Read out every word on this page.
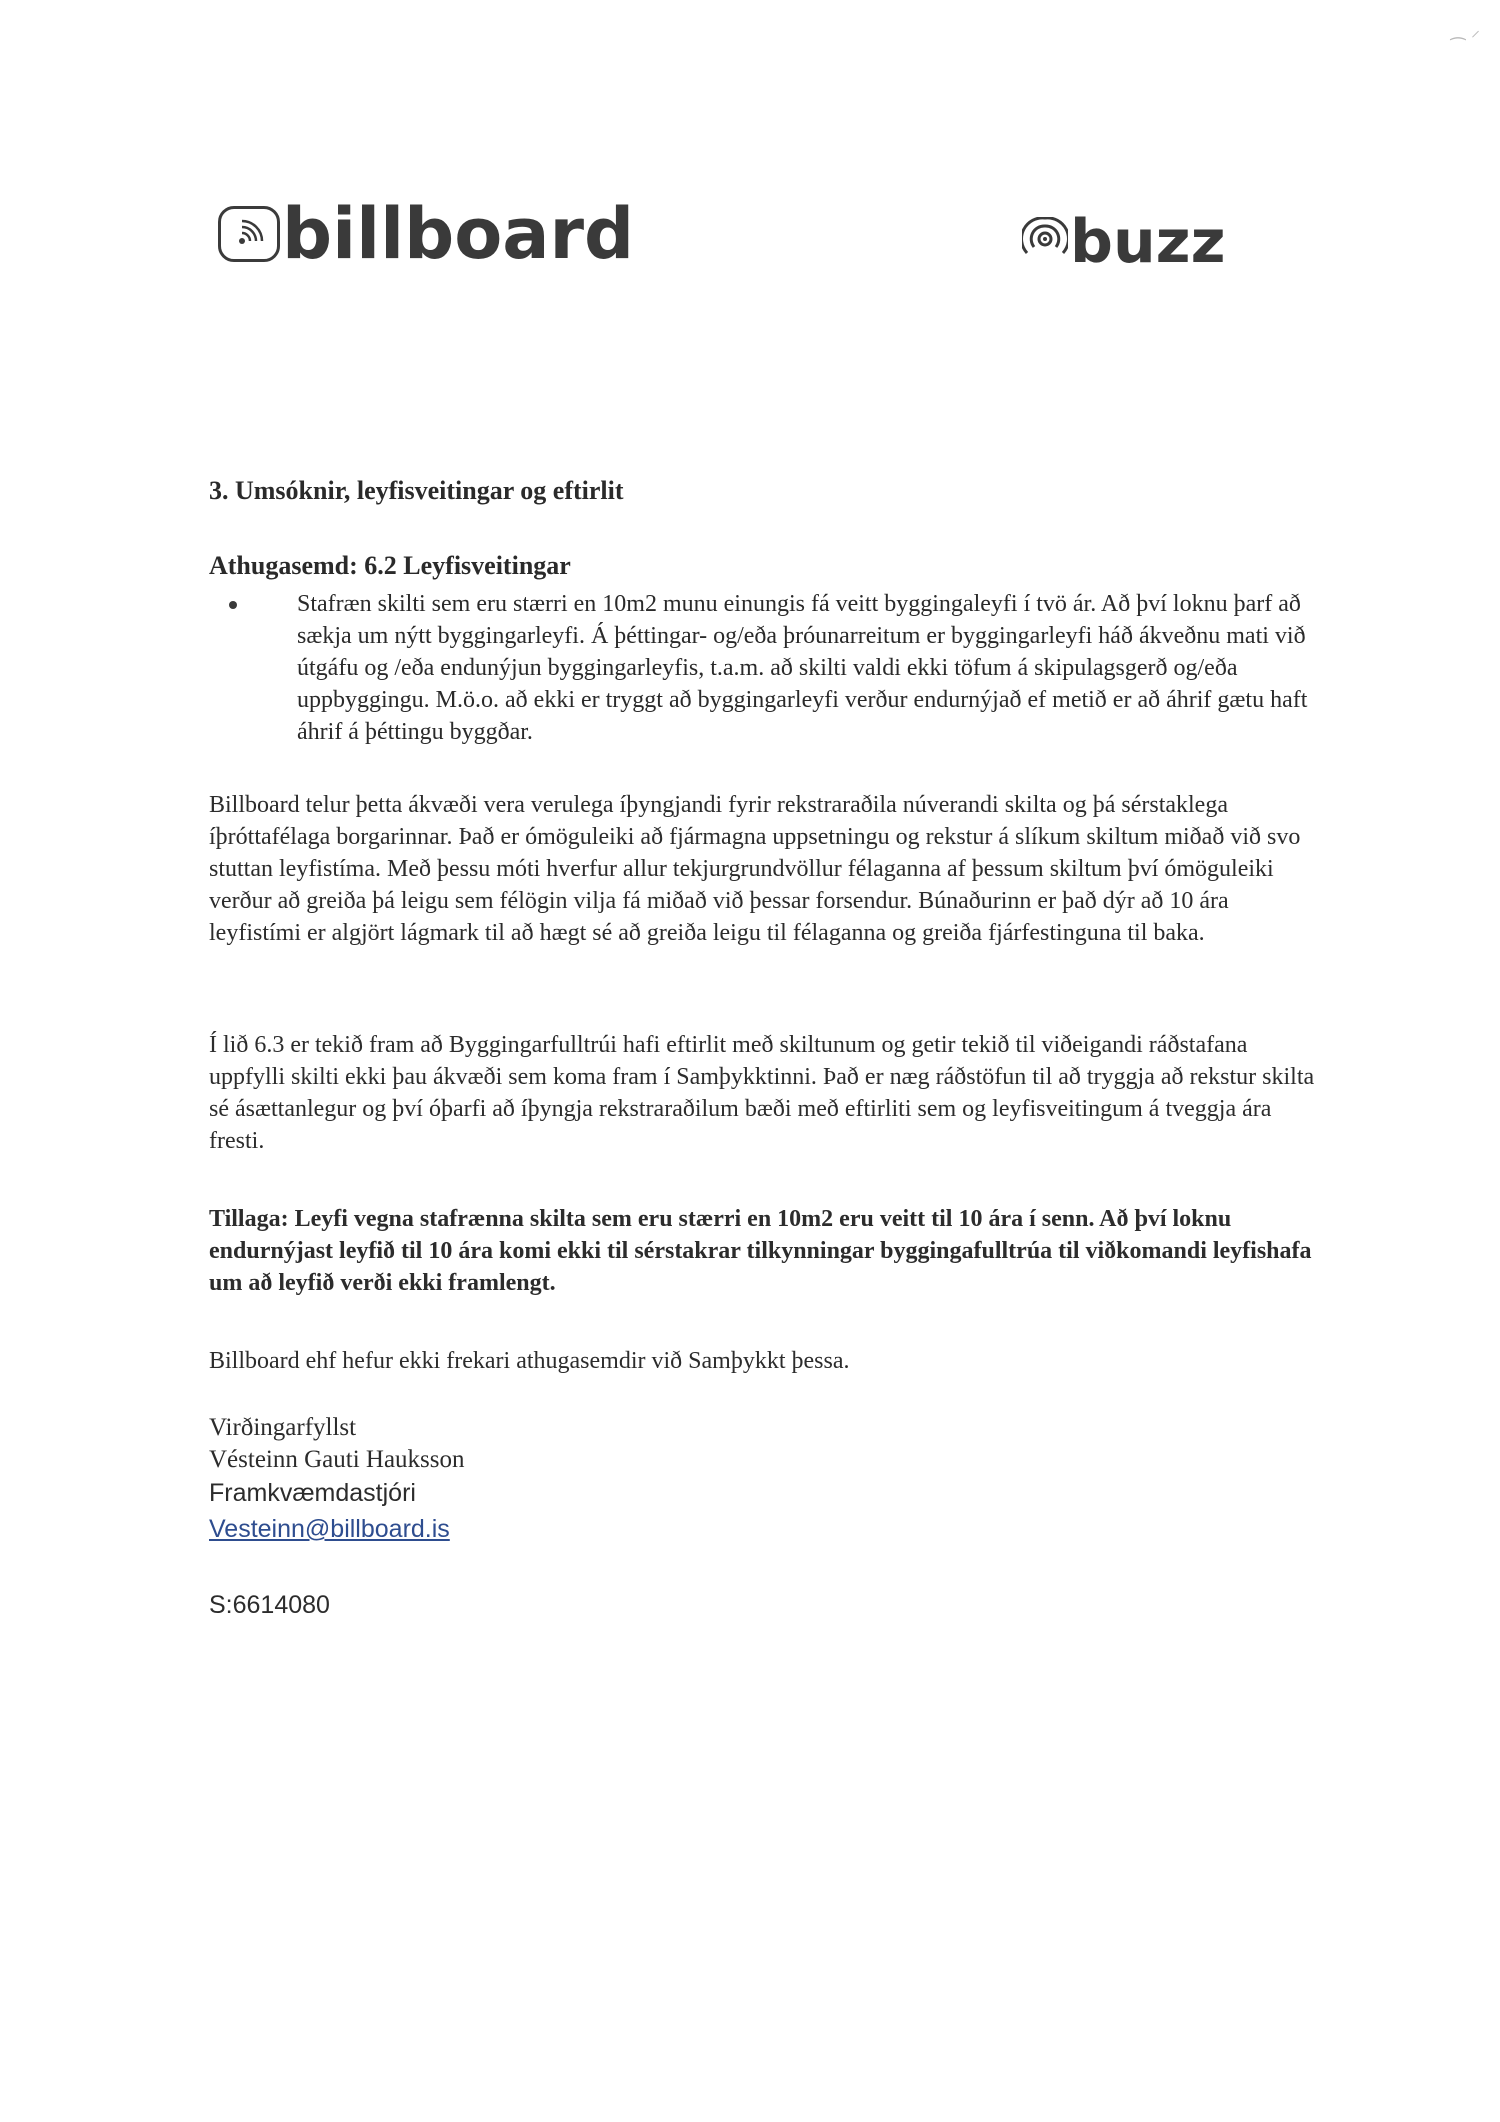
⁔ ⸝
billboard	buzz
3. Umsóknir, leyfisveitingar og eftirlit
Athugasemd: 6.2 Leyfisveitingar
Stafræn skilti sem eru stærri en 10m2 munu einungis fá veitt byggingaleyfi í tvö ár. Að því loknu þarf að sækja um nýtt byggingarleyfi. Á þéttingar- og/eða þróunarreitum er byggingarleyfi háð ákveðnu mati við útgáfu og /eða endunýjun byggingarleyfis, t.a.m. að skilti valdi ekki töfum á skipulagsgerð og/eða uppbyggingu. M.ö.o. að ekki er tryggt að byggingarleyfi verður endurnýjað ef metið er að áhrif gætu haft áhrif á þéttingu byggðar.
Billboard telur þetta ákvæði vera verulega íþyngjandi fyrir rekstraraðila núverandi skilta og þá sérstaklega íþróttafélaga borgarinnar. Það er ómöguleiki að fjármagna uppsetningu og rekstur á slíkum skiltum miðað við svo stuttan leyfistíma. Með þessu móti hverfur allur tekjurgrundvöllur félaganna af þessum skiltum því ómöguleiki verður að greiða þá leigu sem félögin vilja fá miðað við þessar forsendur. Búnaðurinn er það dýr að 10 ára leyfistími er algjört lágmark til að hægt sé að greiða leigu til félaganna og greiða fjárfestinguna til baka.
Í lið 6.3 er tekið fram að Byggingarfulltrúi hafi eftirlit með skiltunum og getir tekið til viðeigandi ráðstafana uppfylli skilti ekki þau ákvæði sem koma fram í Samþykktinni. Það er næg ráðstöfun til að tryggja að rekstur skilta sé ásættanlegur og því óþarfi að íþyngja rekstraraðilum bæði með eftirliti sem og leyfisveitingum á tveggja ára fresti.
Tillaga: Leyfi vegna stafrænna skilta sem eru stærri en 10m2 eru veitt til 10 ára í senn. Að því loknu endurnýjast leyfið til 10 ára komi ekki til sérstakrar tilkynningar byggingafulltrúa til viðkomandi leyfishafa um að leyfið verði ekki framlengt.
Billboard ehf hefur ekki frekari athugasemdir við Samþykkt þessa.
Virðingarfyllst
Vésteinn Gauti Hauksson
Framkvæmdastjóri
Vesteinn@billboard.is
S:6614080
